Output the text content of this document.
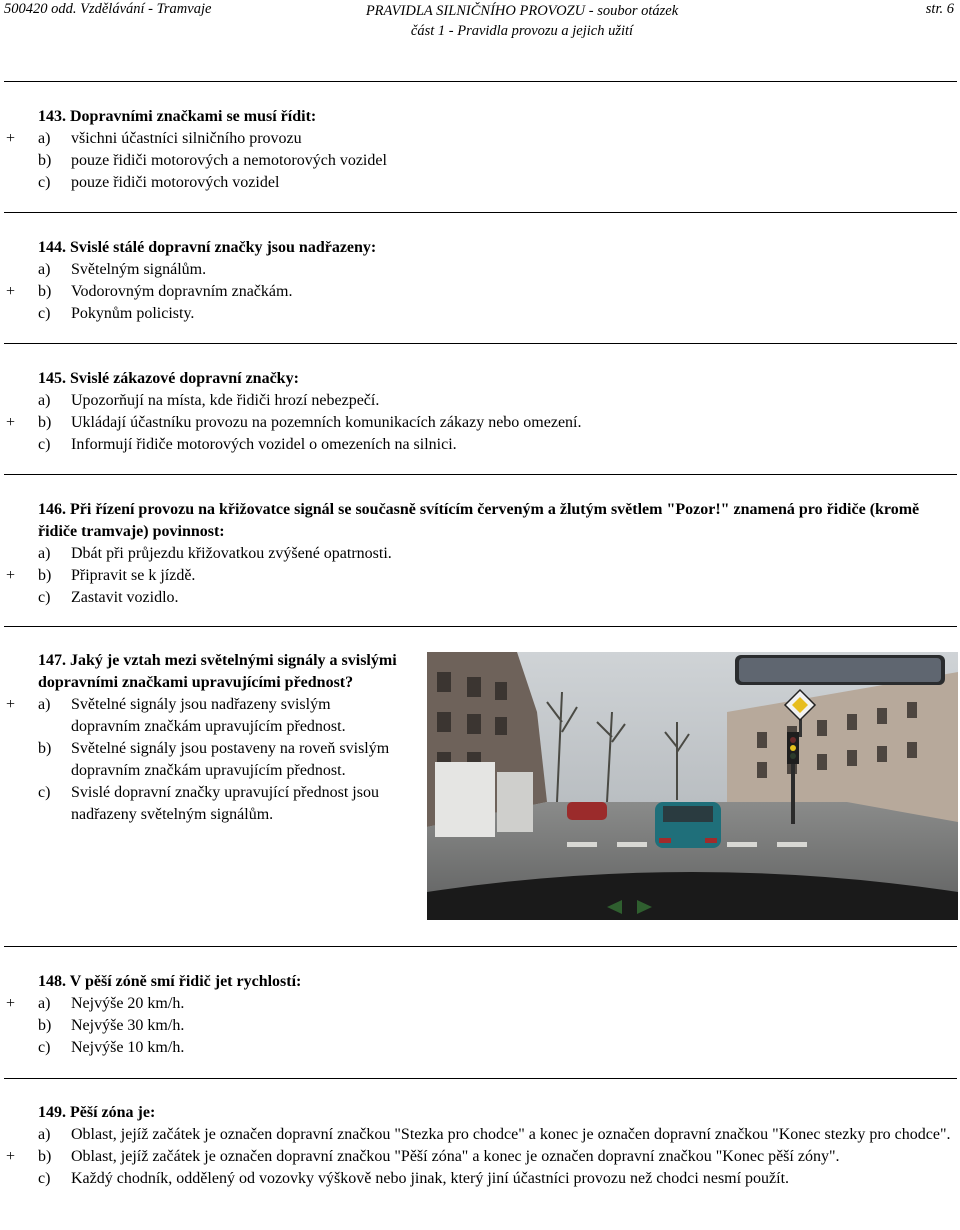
500420 odd. Vzdělávání - Tramvaje	PRAVIDLA SILNIČNÍHO PROVOZU - soubor otázek
část 1 - Pravidla provozu a jejich užití
str. 6
143. Dopravními značkami se musí řídit:
+ a) všichni účastníci silničního provozu
b) pouze řidiči motorových a nemotorových vozidel
c) pouze řidiči motorových vozidel
144. Svislé stálé dopravní značky jsou nadřazeny:
a) Světelným signálům.
+ b) Vodorovným dopravním značkám.
c) Pokynům policisty.
145. Svislé zákazové dopravní značky:
a) Upozorňují na místa, kde řidiči hrozí nebezpečí.
+ b) Ukládají účastníku provozu na pozemních komunikacích zákazy nebo omezení.
c) Informují řidiče motorových vozidel o omezeních na silnici.
146. Při řízení provozu na křižovatce signál se současně svítícím červeným a žlutým světlem "Pozor!" znamená pro řidiče (kromě řidiče tramvaje) povinnost:
a) Dbát při průjezdu křižovatkou zvýšené opatrnosti.
+ b) Připravit se k jízdě.
c) Zastavit vozidlo.
147. Jaký je vztah mezi světelnými signály a svislými dopravními značkami upravujícími přednost?
+ a) Světelné signály jsou nadřazeny svislým dopravním značkám upravujícím přednost.
b) Světelné signály jsou postaveny na roveň svislým dopravním značkám upravujícím přednost.
c) Svislé dopravní značky upravující přednost jsou nadřazeny světelným signálům.
148. V pěší zóně smí řidič jet rychlostí:
+ a) Nejvýše 20 km/h.
b) Nejvýše 30 km/h.
c) Nejvýše 10 km/h.
149. Pěší zóna je:
a) Oblast, jejíž začátek je označen dopravní značkou "Stezka pro chodce" a konec je označen dopravní značkou "Konec stezky pro chodce".
+ b) Oblast, jejíž začátek je označen dopravní značkou "Pěší zóna" a konec je označen dopravní značkou "Konec pěší zóny".
c) Každý chodník, oddělený od vozovky výškově nebo jinak, který jiní účastníci provozu než chodci nesmí použít.
